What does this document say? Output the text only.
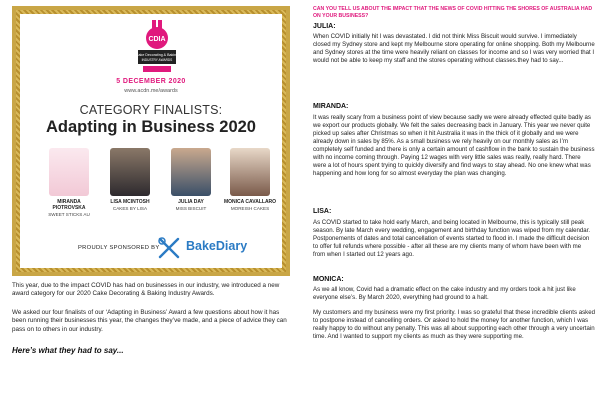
CDIA
Cake Decorating & Baking
INDUSTRY AWARDS
5 DECEMBER 2020
www.acdn.me/awards
CATEGORY FINALISTS:
Adapting in Business 2020
MIRANDA
PIOTROVSKA
SWEET STICKS AU
LISA MCINTOSH
CAKES BY LISA
JULIA DAY
MISS BISCUIT
MONICA CAVALLARO
MOREISH CAKES
PROUDLY SPONSORED BY BakeDiary

This year, due to the impact COVID has had on businesses in our industry, we introduced a new award category for our 2020 Cake Decorating & Baking Industry Awards.

We asked our four finalists of our ‘Adapting in Business’ Award a few questions about how it has been running their businesses this year, the changes they’ve made, and a piece of advice they can pass on to others in our industry.

Here’s what they had to say...

CAN YOU TELL US ABOUT THE IMPACT THAT THE NEWS OF COVID HITTING THE SHORES OF AUSTRALIA HAD ON YOUR BUSINESS?

JULIA:

When COVID initially hit I was devastated. I did not think Miss Biscuit would survive. I immediately closed my Sydney store and kept my Melbourne store operating for online shopping. Both my Melbourne and Sydney stores at the time were heavily reliant on classes for income and so I was very worried that I would not be able to keep my staff and the stores operating without classes.they had to say...

MIRANDA:

It was really scary from a business point of view because sadly we were already effected quite badly as we export our products globally. We felt the sales decreasing back in January. This year we never quite picked up sales after Christmas so when it hit Australia it was in the thick of it globally and we were already down in sales by 85%. As a small business we rely heavily on our monthly sales as I’m completely self funded and there is only a certain amount of cashflow in the bank to sustain the business with no income coming through. Paying 12 wages with very little sales was really, really hard. There were a lot of hours spent trying to quickly diversify and find ways to stay ahead. No one knew what was happening and how long for so almost everyday the plan was changing.

LISA:

As COVID started to take hold early March, and being located in Melbourne, this is typically still peak season. By late March every wedding, engagement and birthday function was wiped from my calendar. Postponements of dates and total cancellation of events started to flood in. I made the difficult decision to offer full refunds where possible - after all these are my clients many of whom have been with me from when I started out 12 years ago.

MONICA:

As we all know, Covid had a dramatic effect on the cake industry and my orders took a hit just like everyone else’s. By March 2020, everything had ground to a halt.

My customers and my business were my first priority. I was so grateful that these incredible clients asked to postpone instead of cancelling orders. Or asked to hold the money for another function, which I was really happy to do without any penalty. This was all about supporting each other through a very uncertain time. And I wanted to support my clients as much as they were supporting me.
